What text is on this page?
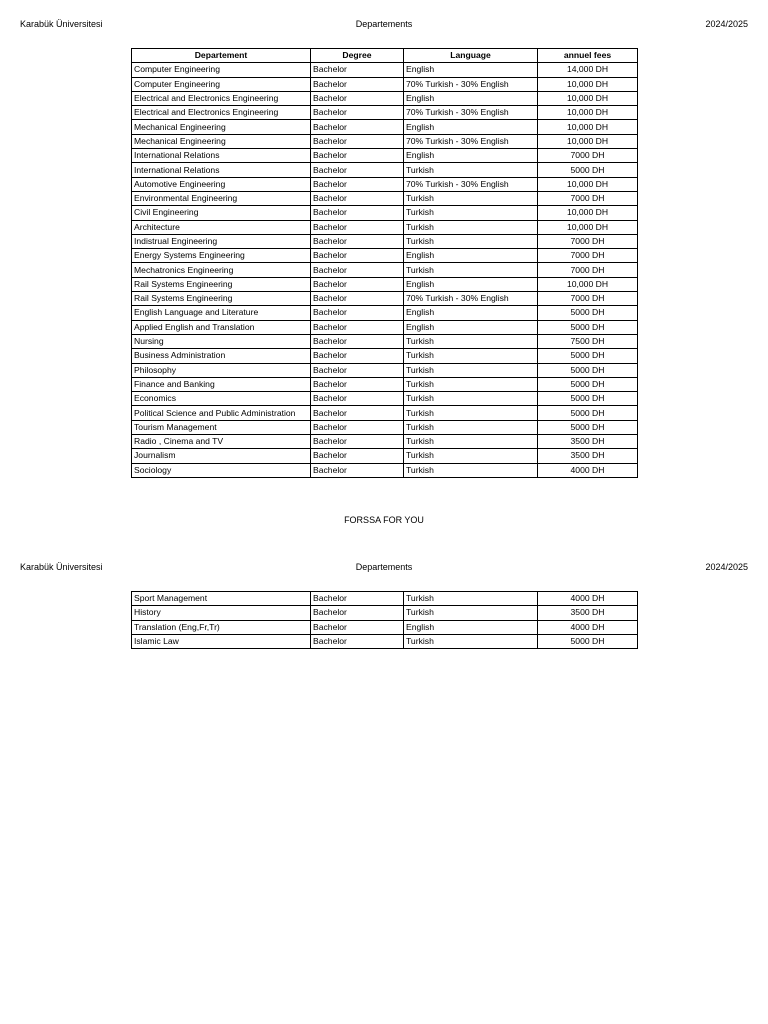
Karabük Üniversitesi	Departements	2024/2025
Departement	Degree	Language	annuel fees
Computer Engineering	Bachelor	English	14,000 DH
Computer Engineering	Bachelor	70% Turkish - 30% English	10,000 DH
Electrical and Electronics Engineering	Bachelor	English	10,000 DH
Electrical and Electronics Engineering	Bachelor	70% Turkish - 30% English	10,000 DH
Mechanical Engineering	Bachelor	English	10,000 DH
Mechanical Engineering	Bachelor	70% Turkish - 30% English	10,000 DH
International Relations	Bachelor	English	7000 DH
International Relations	Bachelor	Turkish	5000 DH
Automotive Engineering	Bachelor	70% Turkish - 30% English	10,000 DH
Environmental Engineering	Bachelor	Turkish	7000 DH
Civil Engineering	Bachelor	Turkish	10,000 DH
Architecture	Bachelor	Turkish	10,000 DH
Indistrual Engineering	Bachelor	Turkish	7000 DH
Energy Systems Engineering	Bachelor	English	7000 DH
Mechatronics Engineering	Bachelor	Turkish	7000 DH
Rail Systems Engineering	Bachelor	English	10,000 DH
Rail Systems Engineering	Bachelor	70% Turkish - 30% English	7000 DH
English Language and Literature	Bachelor	English	5000 DH
Applied English and Translation	Bachelor	English	5000 DH
Nursing	Bachelor	Turkish	7500 DH
Business Administration	Bachelor	Turkish	5000 DH
Philosophy	Bachelor	Turkish	5000 DH
Finance and Banking	Bachelor	Turkish	5000 DH
Economics	Bachelor	Turkish	5000 DH
Political Science and Public Administration	Bachelor	Turkish	5000 DH
Tourism Management	Bachelor	Turkish	5000 DH
Radio , Cinema and TV	Bachelor	Turkish	3500 DH
Journalism	Bachelor	Turkish	3500 DH
Sociology	Bachelor	Turkish	4000 DH
FORSSA FOR YOU
Karabük Üniversitesi	Departements	2024/2025
Sport Management	Bachelor	Turkish	4000 DH
History	Bachelor	Turkish	3500 DH
Translation (Eng,Fr,Tr)	Bachelor	English	4000 DH
Islamic Law	Bachelor	Turkish	5000 DH
